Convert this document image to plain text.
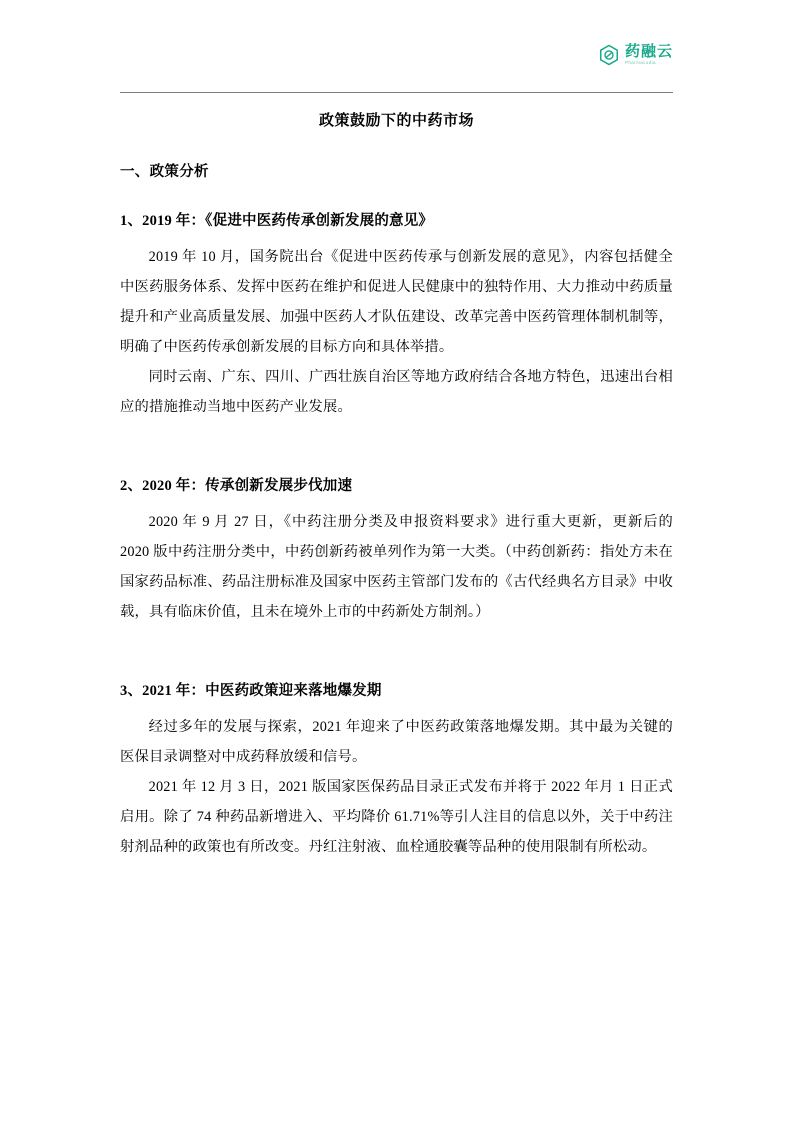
药融云
Pharmacodia
政策鼓励下的中药市场
一、政策分析
1、2019 年：《促进中医药传承创新发展的意见》

2019 年 10 月，国务院出台《促进中医药传承与创新发展的意见》，内容包括健全中医药服务体系、发挥中医药在维护和促进人民健康中的独特作用、大力推动中药质量提升和产业高质量发展、加强中医药人才队伍建设、改革完善中医药管理体制机制等，明确了中医药传承创新发展的目标方向和具体举措。

同时云南、广东、四川、广西壮族自治区等地方政府结合各地方特色，迅速出台相应的措施推动当地中医药产业发展。

2、2020 年：传承创新发展步伐加速

2020 年 9 月 27 日，《中药注册分类及申报资料要求》进行重大更新，更新后的 2020 版中药注册分类中，中药创新药被单列作为第一大类。（中药创新药：指处方未在国家药品标准、药品注册标准及国家中医药主管部门发布的《古代经典名方目录》中收载，具有临床价值，且未在境外上市的中药新处方制剂。）

3、2021 年：中医药政策迎来落地爆发期

经过多年的发展与探索，2021 年迎来了中医药政策落地爆发期。其中最为关键的医保目录调整对中成药释放缓和信号。

2021 年 12 月 3 日，2021 版国家医保药品目录正式发布并将于 2022 年月 1 日正式启用。除了 74 种药品新增进入、平均降价 61.71%等引人注目的信息以外，关于中药注射剂品种的政策也有所改变。丹红注射液、血栓通胶囊等品种的使用限制有所松动。
